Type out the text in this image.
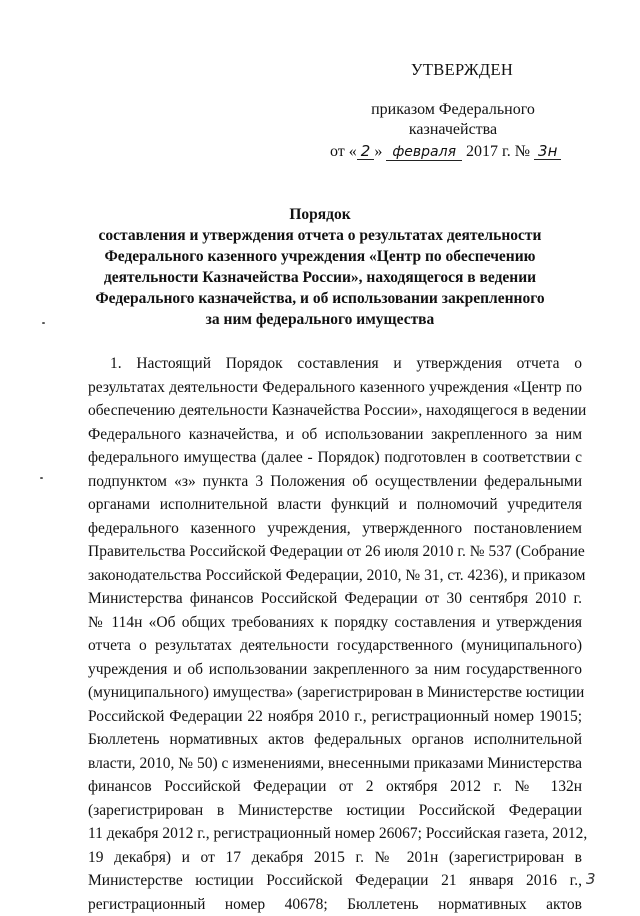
УТВЕРЖДЕН
приказом Федерального
казначейства
от « 2 » февраля 2017 г. № 3н
Порядок
составления и утверждения отчета о результатах деятельности
Федерального казенного учреждения «Центр по обеспечению
деятельности Казначейства России», находящегося в ведении
Федерального казначейства, и об использовании закрепленного
за ним федерального имущества
1. Настоящий Порядок составления и утверждения отчета о
результатах деятельности Федерального казенного учреждения «Центр по
обеспечению деятельности Казначейства России», находящегося в ведении
Федерального казначейства, и об использовании закрепленного за ним
федерального имущества (далее - Порядок) подготовлен в соответствии с
подпунктом «з» пункта 3 Положения об осуществлении федеральными
органами исполнительной власти функций и полномочий учредителя
федерального казенного учреждения, утвержденного постановлением
Правительства Российской Федерации от 26 июля 2010 г. № 537 (Собрание
законодательства Российской Федерации, 2010, № 31, ст. 4236), и приказом
Министерства финансов Российской Федерации от 30 сентября 2010 г.
№ 114н «Об общих требованиях к порядку составления и утверждения
отчета о результатах деятельности государственного (муниципального)
учреждения и об использовании закрепленного за ним государственного
(муниципального) имущества» (зарегистрирован в Министерстве юстиции
Российской Федерации 22 ноября 2010 г., регистрационный номер 19015;
Бюллетень нормативных актов федеральных органов исполнительной
власти, 2010, № 50) с изменениями, внесенными приказами Министерства
финансов Российской Федерации от 2 октября 2012 г. № 132н
(зарегистрирован в Министерстве юстиции Российской Федерации
11 декабря 2012 г., регистрационный номер 26067; Российская газета, 2012,
19 декабря) и от 17 декабря 2015 г. № 201н (зарегистрирован в
Министерстве юстиции Российской Федерации 21 января 2016 г.,
регистрационный номер 40678; Бюллетень нормативных актов
3
